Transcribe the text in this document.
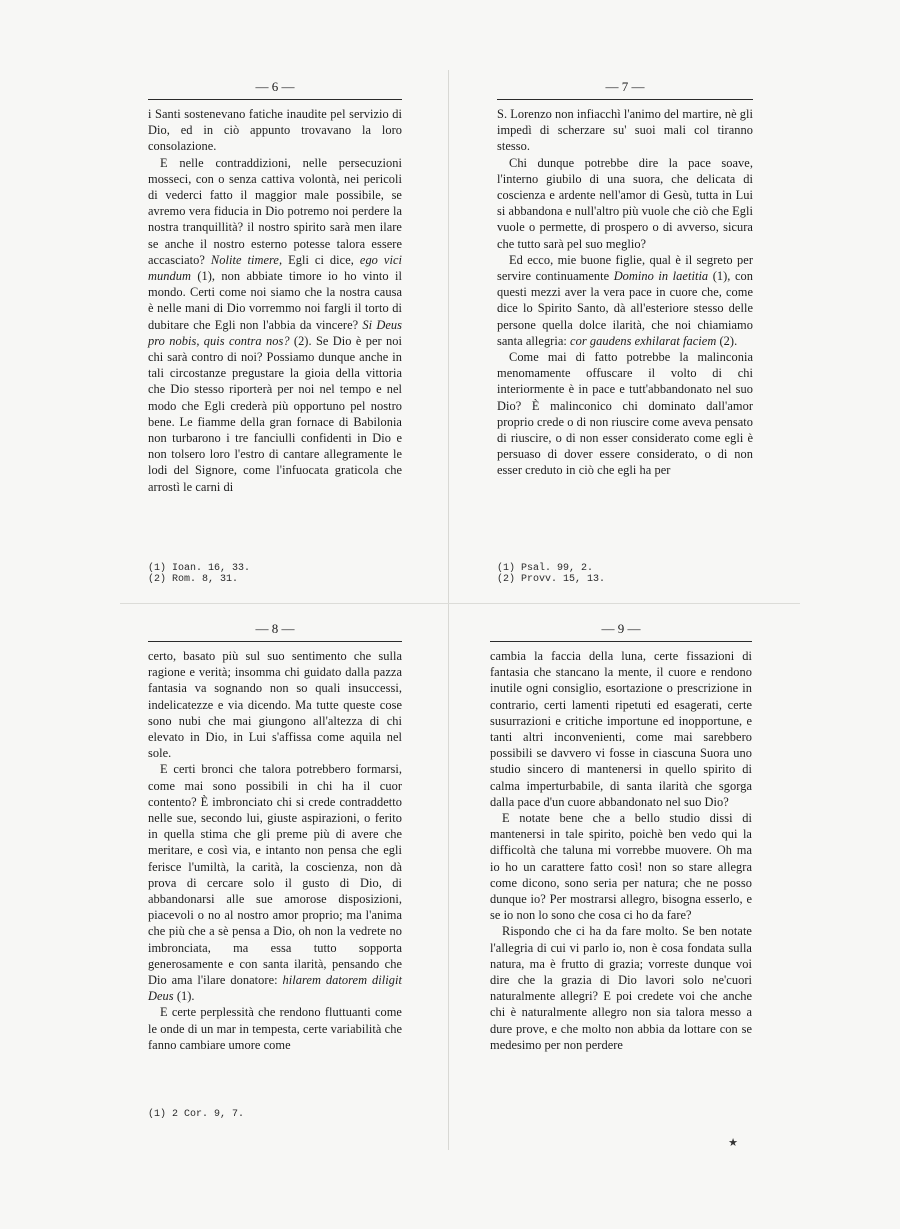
— 6 —

i Santi sostenevano fatiche inaudite pel servizio di Dio, ed in ciò appunto trovavano la loro consolazione.

E nelle contraddizioni, nelle persecuzioni mosseci, con o senza cattiva volontà, nei pericoli di vederci fatto il maggior male possibile, se avremo vera fiducia in Dio potremo noi perdere la nostra tranquillità? il nostro spirito sarà men ilare se anche il nostro esterno potesse talora essere accasciato? Nolite timere, Egli ci dice, ego vici mundum (1), non abbiate timore io ho vinto il mondo. Certi come noi siamo che la nostra causa è nelle mani di Dio vorremmo noi fargli il torto di dubitare che Egli non l'abbia da vincere? Si Deus pro nobis, quis contra nos? (2). Se Dio è per noi chi sarà contro di noi? Possiamo dunque anche in tali circostanze pregustare la gioia della vittoria che Dio stesso riporterà per noi nel tempo e nel modo che Egli crederà più opportuno pel nostro bene. Le fiamme della gran fornace di Babilonia non turbarono i tre fanciulli confidenti in Dio e non tolsero loro l'estro di cantare allegramente le lodi del Signore, come l'infuocata graticola che arrostì le carni di

(1) Ioan. 16, 33.
(2) Rom. 8, 31.
— 7 —

S. Lorenzo non infiacchì l'animo del martire, nè gli impedì di scherzare su' suoi mali col tiranno stesso.

Chi dunque potrebbe dire la pace soave, l'interno giubilo di una suora, che delicata di coscienza e ardente nell'amor di Gesù, tutta in Lui si abbandona e null'altro più vuole che ciò che Egli vuole o permette, di prospero o di avverso, sicura che tutto sarà pel suo meglio?

Ed ecco, mie buone figlie, qual è il segreto per servire continuamente Domino in laetitia (1), con questi mezzi aver la vera pace in cuore che, come dice lo Spirito Santo, dà all'esteriore stesso delle persone quella dolce ilarità, che noi chiamiamo santa allegria: cor gaudens exhilarat faciem (2).

Come mai di fatto potrebbe la malinconia menomamente offuscare il volto di chi interiormente è in pace e tutt'abbandonato nel suo Dio? È malinconico chi dominato dall'amor proprio crede o di non riuscire come aveva pensato di riuscire, o di non esser considerato come egli è persuaso di dover essere considerato, o di non esser creduto in ciò che egli ha per

(1) Psal. 99, 2.
(2) Provv. 15, 13.
— 8 —

certo, basato più sul suo sentimento che sulla ragione e verità; insomma chi guidato dalla pazza fantasia va sognando non so quali insuccessi, indelicatezze e via dicendo. Ma tutte queste cose sono nubi che mai giungono all'altezza di chi elevato in Dio, in Lui s'affissa come aquila nel sole.

E certi bronci che talora potrebbero formarsi, come mai sono possibili in chi ha il cuor contento? È imbronciato chi si crede contraddetto nelle sue, secondo lui, giuste aspirazioni, o ferito in quella stima che gli preme più di avere che meritare, e così via, e intanto non pensa che egli ferisce l'umiltà, la carità, la coscienza, non dà prova di cercare solo il gusto di Dio, di abbandonarsi alle sue amorose disposizioni, piacevoli o no al nostro amor proprio; ma l'anima che più che a sè pensa a Dio, oh non la vedrete no imbronciata, ma essa tutto sopporta generosamente e con santa ilarità, pensando che Dio ama l'ilare donatore: hilarem datorem diligit Deus (1).

E certe perplessità che rendono fluttuanti come le onde di un mar in tempesta, certe variabilità che fanno cambiare umore come

(1) 2 Cor. 9, 7.
— 9 —

cambia la faccia della luna, certe fissazioni di fantasia che stancano la mente, il cuore e rendono inutile ogni consiglio, esortazione o prescrizione in contrario, certi lamenti ripetuti ed esagerati, certe susurrazioni e critiche importune ed inopportune, e tanti altri inconvenienti, come mai sarebbero possibili se davvero vi fosse in ciascuna Suora uno studio sincero di mantenersi in quello spirito di calma imperturbabile, di santa ilarità che sgorga dalla pace d'un cuore abbandonato nel suo Dio?

E notate bene che a bello studio dissi di mantenersi in tale spirito, poichè ben vedo qui la difficoltà che taluna mi vorrebbe muovere. Oh ma io ho un carattere fatto così! non so stare allegra come dicono, sono seria per natura; che ne posso dunque io? Per mostrarsi allegro, bisogna esserlo, e se io non lo sono che cosa ci ho da fare?

Rispondo che ci ha da fare molto. Se ben notate l'allegria di cui vi parlo io, non è cosa fondata sulla natura, ma è frutto di grazia; vorreste dunque voi dire che la grazia di Dio lavori solo ne'cuori naturalmente allegri? E poi credete voi che anche chi è naturalmente allegro non sia talora messo a dure prove, e che molto non abbia da lottare con se medesimo per non perdere

★
